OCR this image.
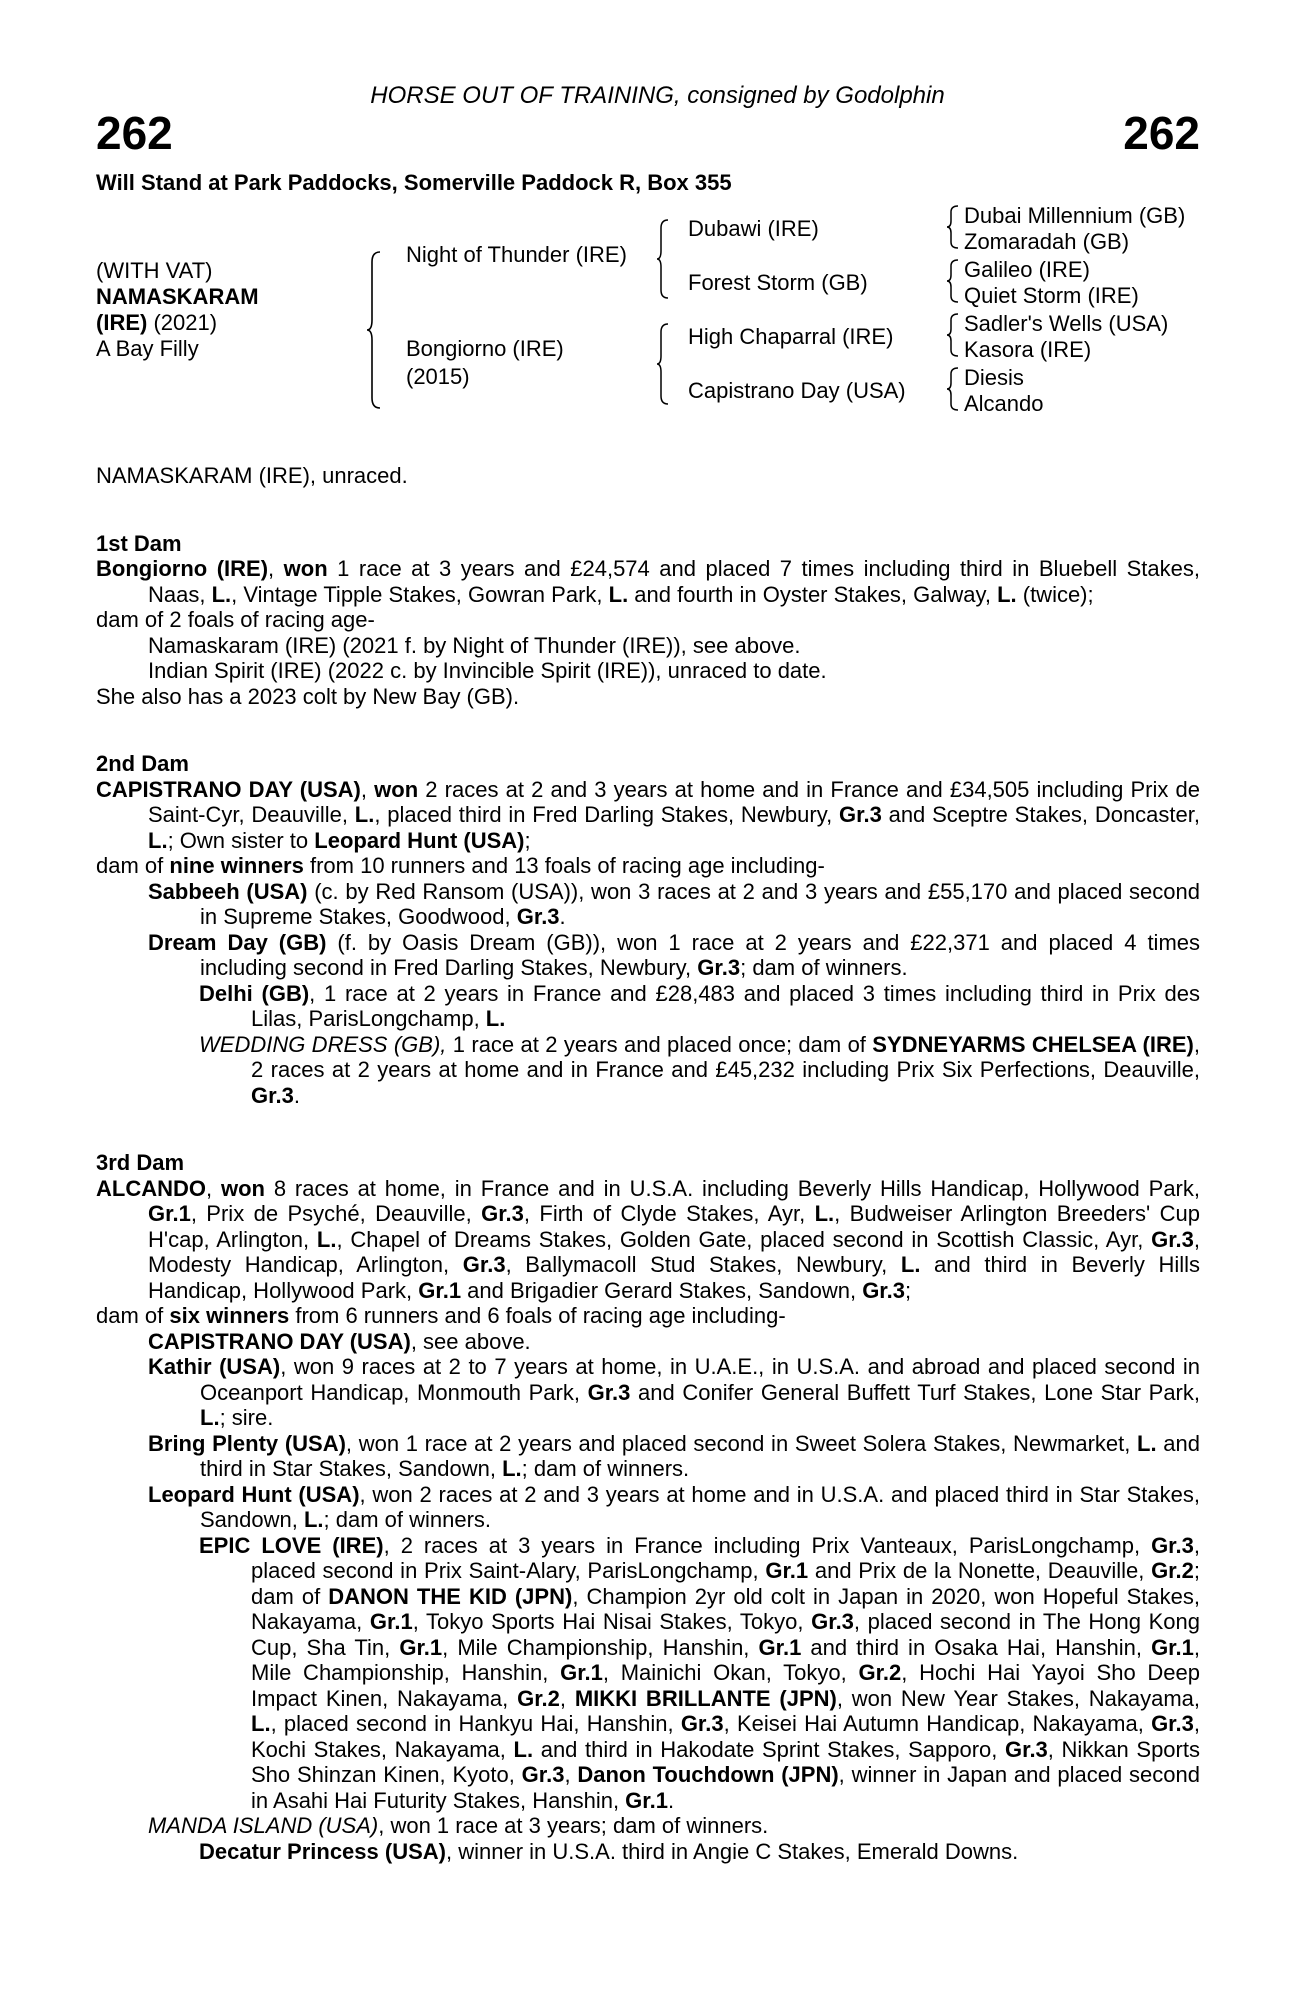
HORSE OUT OF TRAINING, consigned by Godolphin
262	262
Will Stand at Park Paddocks, Somerville Paddock R, Box 355
(WITH VAT)
NAMASKARAM
(IRE) (2021)
A Bay Filly
Night of Thunder (IRE)
Bongiorno (IRE)
(2015)
Dubawi (IRE)
Forest Storm (GB)
High Chaparral (IRE)
Capistrano Day (USA)
Dubai Millennium (GB)
Zomaradah (GB)
Galileo (IRE)
Quiet Storm (IRE)
Sadler's Wells (USA)
Kasora (IRE)
Diesis
Alcando

NAMASKARAM (IRE), unraced.

1st Dam

Bongiorno (IRE), won 1 race at 3 years and £24,574 and placed 7 times including third in Bluebell Stakes, Naas, L., Vintage Tipple Stakes, Gowran Park, L. and fourth in Oyster Stakes, Galway, L. (twice);

dam of 2 foals of racing age-

Namaskaram (IRE) (2021 f. by Night of Thunder (IRE)), see above.

Indian Spirit (IRE) (2022 c. by Invincible Spirit (IRE)), unraced to date.

She also has a 2023 colt by New Bay (GB).

2nd Dam

CAPISTRANO DAY (USA), won 2 races at 2 and 3 years at home and in France and £34,505 including Prix de Saint-Cyr, Deauville, L., placed third in Fred Darling Stakes, Newbury, Gr.3 and Sceptre Stakes, Doncaster, L.; Own sister to Leopard Hunt (USA);

dam of nine winners from 10 runners and 13 foals of racing age including-

Sabbeeh (USA) (c. by Red Ransom (USA)), won 3 races at 2 and 3 years and £55,170 and placed second in Supreme Stakes, Goodwood, Gr.3.

Dream Day (GB) (f. by Oasis Dream (GB)), won 1 race at 2 years and £22,371 and placed 4 times including second in Fred Darling Stakes, Newbury, Gr.3; dam of winners.

Delhi (GB), 1 race at 2 years in France and £28,483 and placed 3 times including third in Prix des Lilas, ParisLongchamp, L.

WEDDING DRESS (GB), 1 race at 2 years and placed once; dam of SYDNEYARMS CHELSEA (IRE), 2 races at 2 years at home and in France and £45,232 including Prix Six Perfections, Deauville, Gr.3.

3rd Dam

ALCANDO, won 8 races at home, in France and in U.S.A. including Beverly Hills Handicap, Hollywood Park, Gr.1, Prix de Psyché, Deauville, Gr.3, Firth of Clyde Stakes, Ayr, L., Budweiser Arlington Breeders' Cup H'cap, Arlington, L., Chapel of Dreams Stakes, Golden Gate, placed second in Scottish Classic, Ayr, Gr.3, Modesty Handicap, Arlington, Gr.3, Ballymacoll Stud Stakes, Newbury, L. and third in Beverly Hills Handicap, Hollywood Park, Gr.1 and Brigadier Gerard Stakes, Sandown, Gr.3;

dam of six winners from 6 runners and 6 foals of racing age including-

CAPISTRANO DAY (USA), see above.

Kathir (USA), won 9 races at 2 to 7 years at home, in U.A.E., in U.S.A. and abroad and placed second in Oceanport Handicap, Monmouth Park, Gr.3 and Conifer General Buffett Turf Stakes, Lone Star Park, L.; sire.

Bring Plenty (USA), won 1 race at 2 years and placed second in Sweet Solera Stakes, Newmarket, L. and third in Star Stakes, Sandown, L.; dam of winners.

Leopard Hunt (USA), won 2 races at 2 and 3 years at home and in U.S.A. and placed third in Star Stakes, Sandown, L.; dam of winners.

EPIC LOVE (IRE), 2 races at 3 years in France including Prix Vanteaux, ParisLongchamp, Gr.3, placed second in Prix Saint-Alary, ParisLongchamp, Gr.1 and Prix de la Nonette, Deauville, Gr.2; dam of DANON THE KID (JPN), Champion 2yr old colt in Japan in 2020, won Hopeful Stakes, Nakayama, Gr.1, Tokyo Sports Hai Nisai Stakes, Tokyo, Gr.3, placed second in The Hong Kong Cup, Sha Tin, Gr.1, Mile Championship, Hanshin, Gr.1 and third in Osaka Hai, Hanshin, Gr.1, Mile Championship, Hanshin, Gr.1, Mainichi Okan, Tokyo, Gr.2, Hochi Hai Yayoi Sho Deep Impact Kinen, Nakayama, Gr.2, MIKKI BRILLANTE (JPN), won New Year Stakes, Nakayama, L., placed second in Hankyu Hai, Hanshin, Gr.3, Keisei Hai Autumn Handicap, Nakayama, Gr.3, Kochi Stakes, Nakayama, L. and third in Hakodate Sprint Stakes, Sapporo, Gr.3, Nikkan Sports Sho Shinzan Kinen, Kyoto, Gr.3, Danon Touchdown (JPN), winner in Japan and placed second in Asahi Hai Futurity Stakes, Hanshin, Gr.1.

MANDA ISLAND (USA), won 1 race at 3 years; dam of winners.

Decatur Princess (USA), winner in U.S.A. third in Angie C Stakes, Emerald Downs.
